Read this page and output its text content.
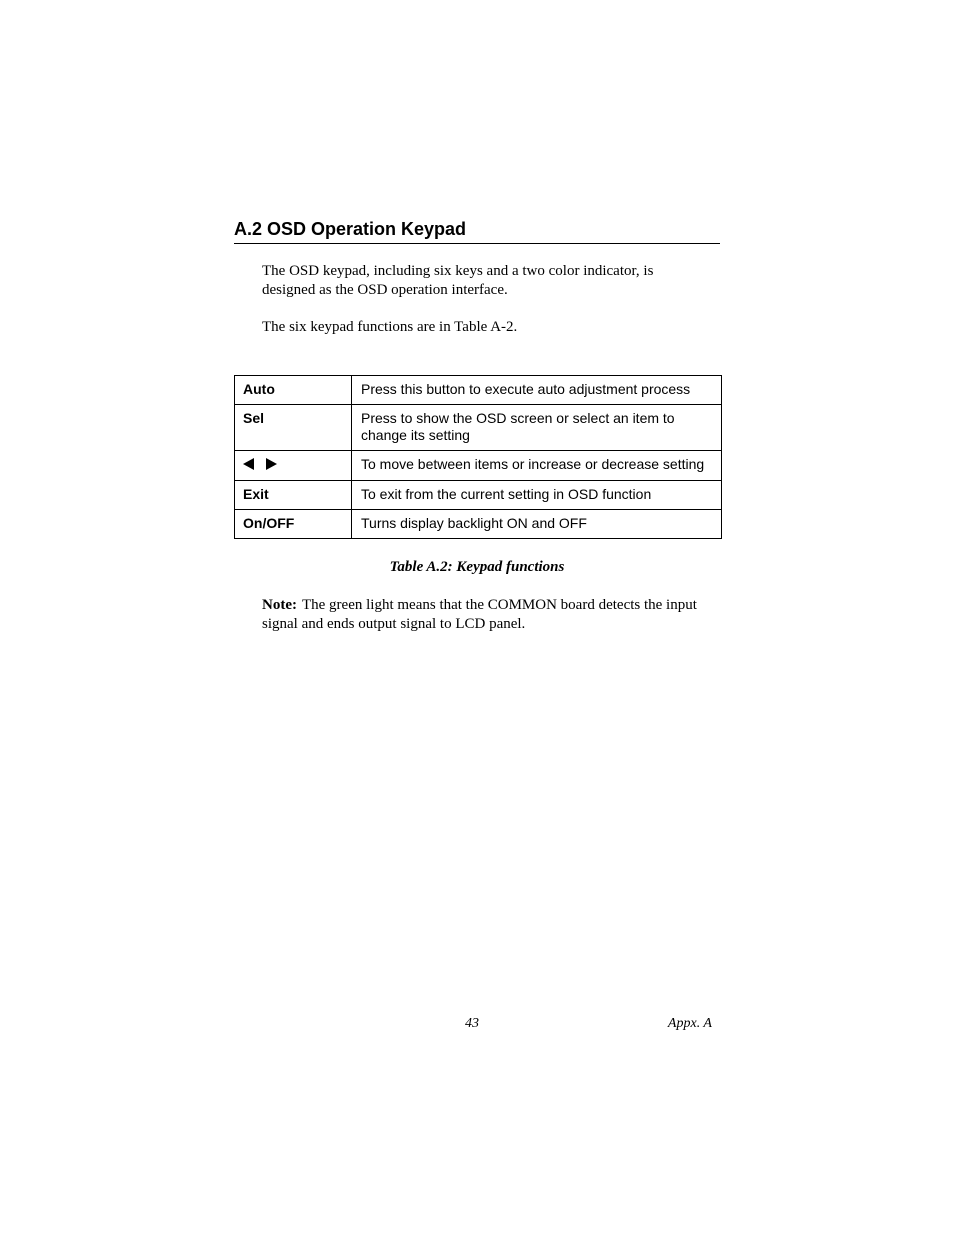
A.2 OSD Operation Keypad

The OSD keypad, including six keys and a two color indicator, is designed as the OSD operation interface.

The six keypad functions are in Table A-2.

Auto	Press this button to execute auto adjustment process
Sel	Press to show the OSD screen or select an item to change its setting

	To move between items or increase or decrease setting
Exit	To exit from the current setting in OSD function
On/OFF	Turns display backlight ON and OFF

Table A.2: Keypad functions

Note: The green light means that the COMMON board detects the input signal and ends output signal to LCD panel.

43	Appx. A
